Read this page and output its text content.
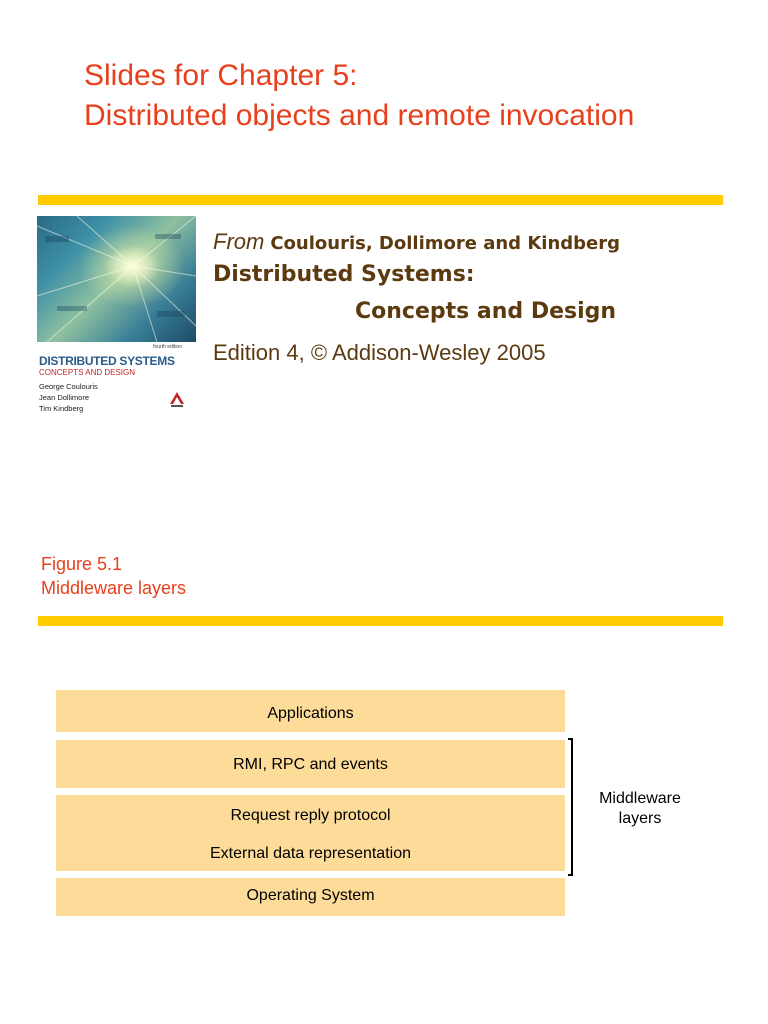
Slides for Chapter 5:
Distributed objects and remote invocation
fourth edition
DISTRIBUTED SYSTEMS
CONCEPTS AND DESIGN
George Coulouris
Jean Dollimore
Tim Kindberg
From Coulouris, Dollimore and Kindberg
Distributed Systems:
Concepts and Design
Edition 4, © Addison-Wesley 2005
Figure 5.1
Middleware layers
Applications
RMI, RPC and events
Request reply protocol
External data representation
Operating System
Middleware
layers
